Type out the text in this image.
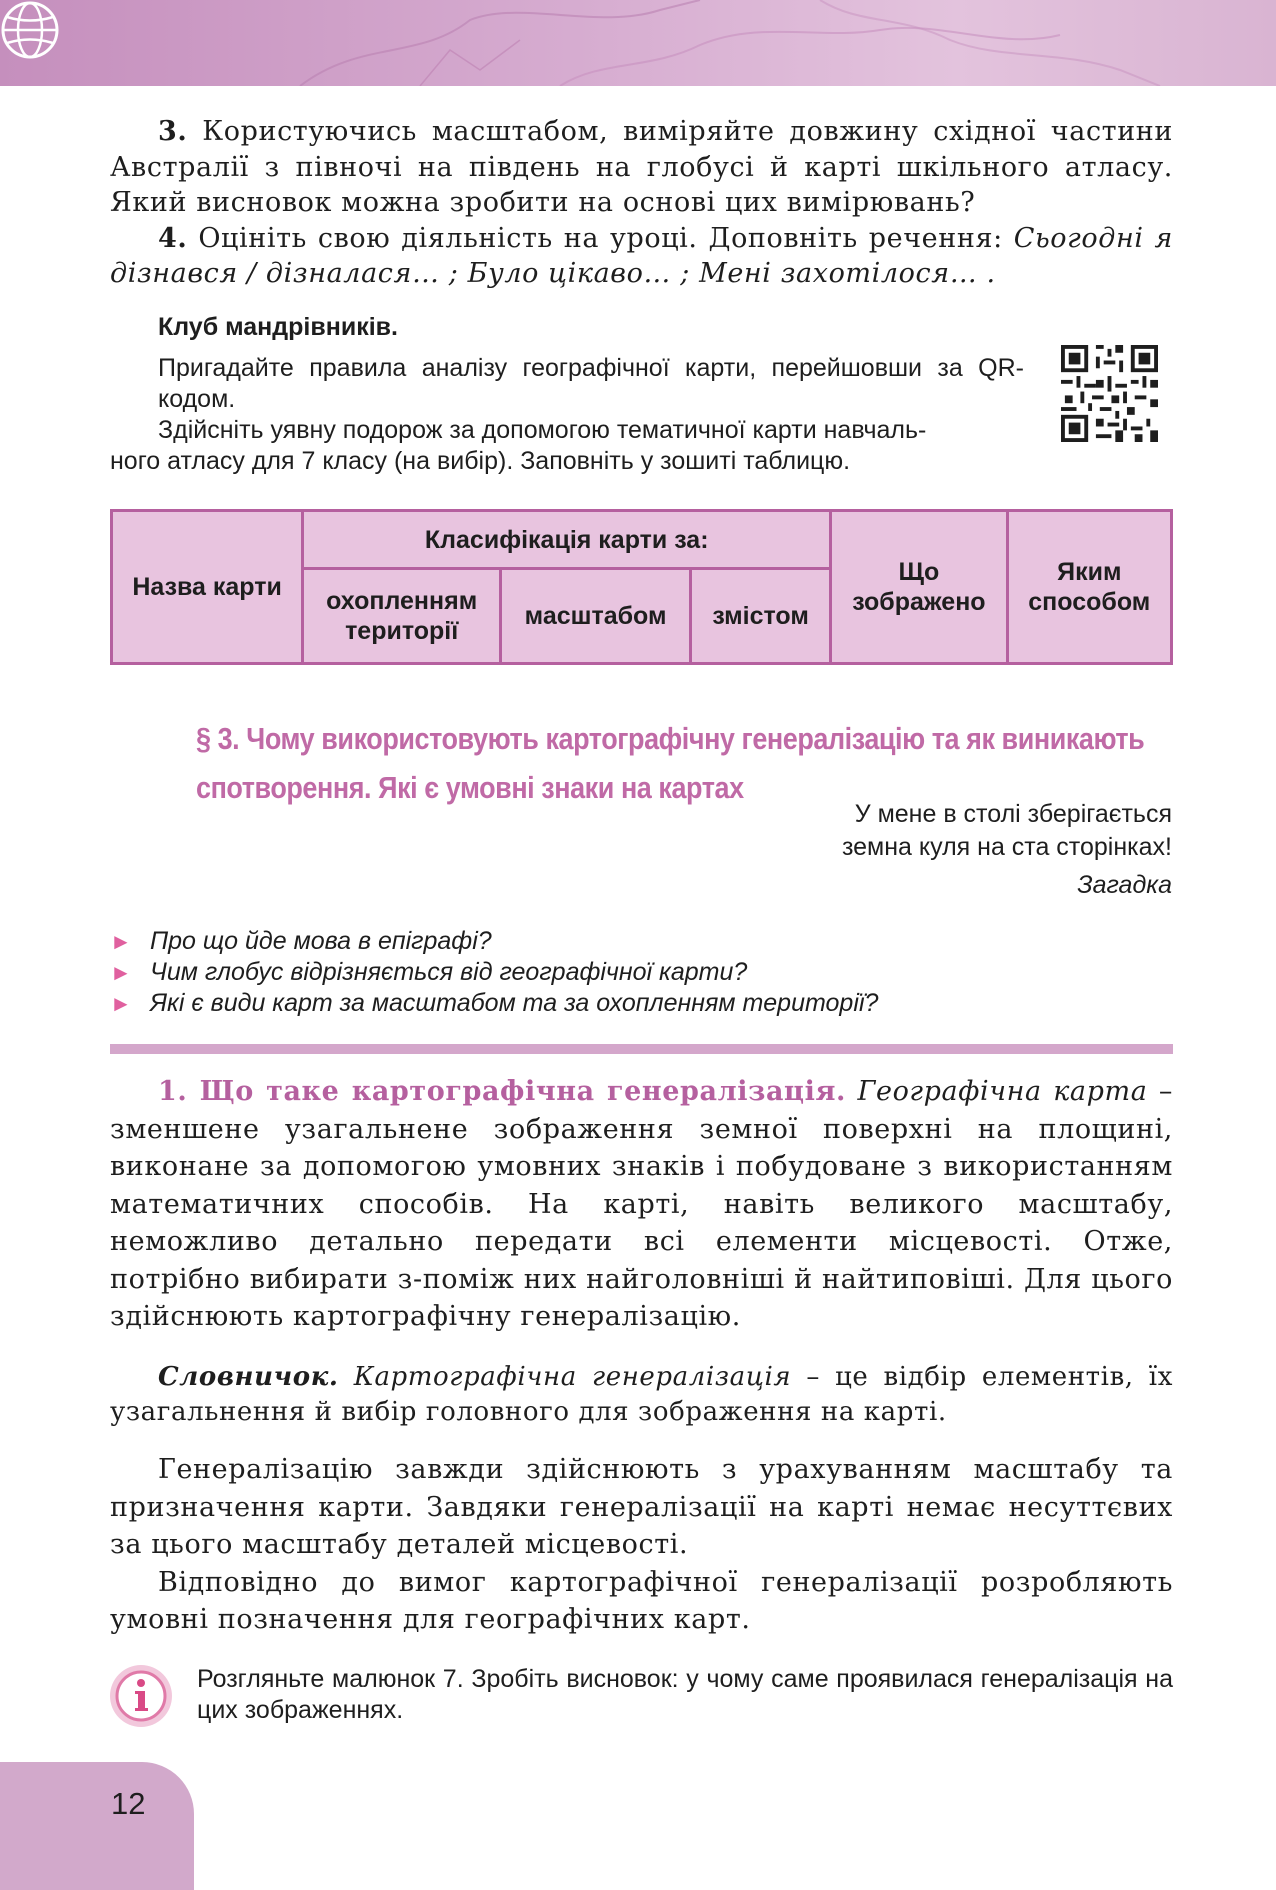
3. Користуючись масштабом, виміряйте довжину східної частини Австралії з півночі на південь на глобусі й карті шкільного атласу. Який висновок можна зробити на основі цих вимірювань?

4. Оцініть свою діяльність на уроці. Доповніть речення: Сьогодні я дізнався / дізналася… ; Було цікаво… ; Мені захотілося… .

Клуб мандрівників.

Пригадайте правила аналізу географічної карти, перейшовши за QR-кодом.

Здійсніть уявну подорож за допомогою тематичної карти навчаль-

ного атласу для 7 класу (на вибір). Заповніть у зошиті таблицю.

Назва карти	Класифікація карти за:			Що зображено	Яким способом
	охопленням території	масштабом	змістом		
§ 3. Чому використовують картографічну генералізацію та як виникають
спотворення. Які є умовні знаки на картах
У мене в столі зберігається
земна куля на ста сторінках!
Загадка
► Про що йде мова в епіграфі?
► Чим глобус відрізняється від географічної карти?
► Які є види карт за масштабом та за охопленням території?

1. Що таке картографічна генералізація. Географічна карта – зменшене узагальнене зображення земної поверхні на площині, виконане за допомогою умовних знаків і побудоване з використанням математичних способів. На карті, навіть великого масштабу, неможливо детально передати всі елементи місцевості. Отже, потрібно вибирати з-поміж них найголовніші й найтиповіші. Для цього здійснюють картографічну генералізацію.

Словничок. Картографічна генералізація – це відбір елементів, їх узагальнення й вибір головного для зображення на карті.

Генералізацію завжди здійснюють з урахуванням масштабу та призначення карти. Завдяки генералізації на карті немає несуттєвих за цього масштабу деталей місцевості.

Відповідно до вимог картографічної генералізації розробляють умовні позначення для географічних карт.

Розгляньте малюнок 7. Зробіть висновок: у чому саме проявилася генералізація на цих зображеннях.
12
